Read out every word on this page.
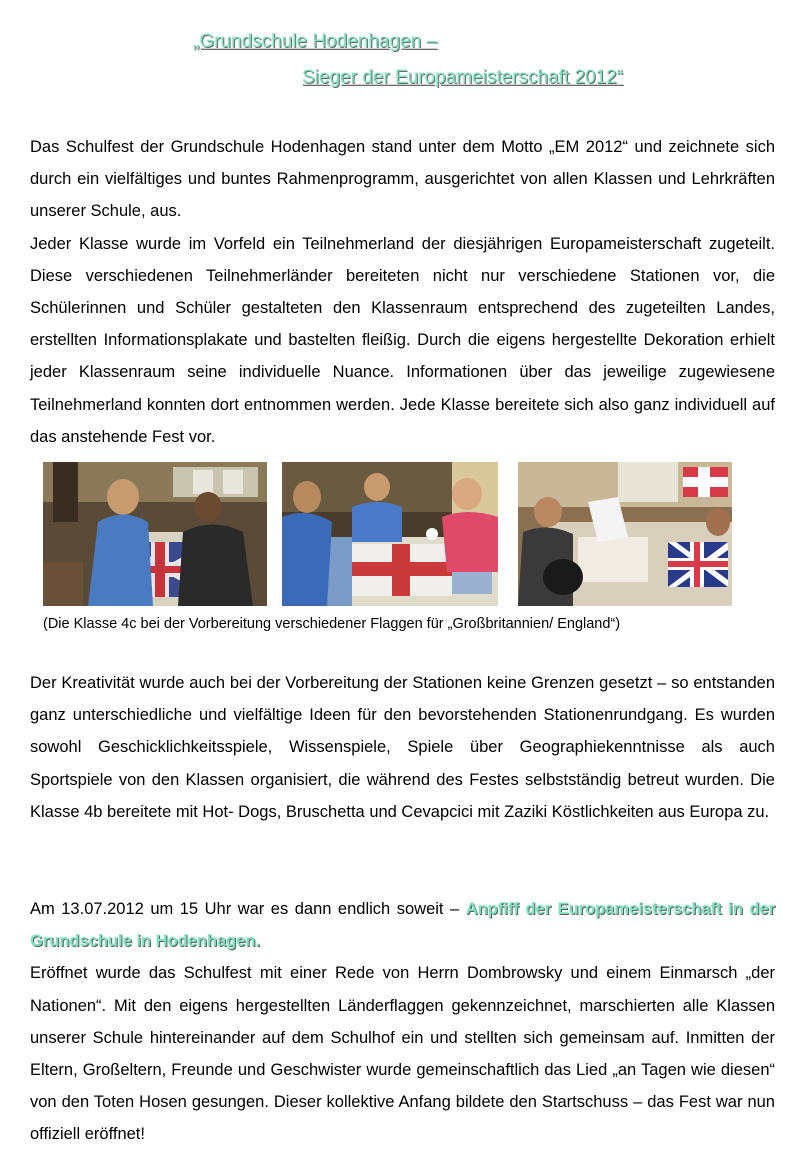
„Grundschule Hodenhagen –
Sieger der Europameisterschaft 2012“
Das Schulfest der Grundschule Hodenhagen stand unter dem Motto „EM 2012“ und zeichnete sich durch ein vielfältiges und buntes Rahmenprogramm, ausgerichtet von allen Klassen und Lehrkräften unserer Schule, aus.
Jeder Klasse wurde im Vorfeld ein Teilnehmerland der diesjährigen Europameisterschaft zugeteilt. Diese verschiedenen Teilnehmerländer bereiteten nicht nur verschiedene Stationen vor, die Schülerinnen und Schüler gestalteten den Klassenraum entsprechend des zugeteilten Landes, erstellten Informationsplakate und bastelten fleißig. Durch die eigens hergestellte Dekoration erhielt jeder Klassenraum seine individuelle Nuance. Informationen über das jeweilige zugewiesene Teilnehmerland konnten dort entnommen werden. Jede Klasse bereitete sich also ganz individuell auf das anstehende Fest vor.
(Die Klasse 4c bei der Vorbereitung verschiedener Flaggen für „Großbritannien/ England“)
Der Kreativität wurde auch bei der Vorbereitung der Stationen keine Grenzen gesetzt – so entstanden ganz unterschiedliche und vielfältige Ideen für den bevorstehenden Stationenrundgang. Es wurden sowohl Geschicklichkeitsspiele, Wissenspiele, Spiele über Geographiekenntnisse als auch Sportspiele von den Klassen organisiert, die während des Festes selbstständig betreut wurden. Die Klasse 4b bereitete mit Hot- Dogs, Bruschetta und Cevapcici mit Zaziki Köstlichkeiten aus Europa zu.
Am 13.07.2012 um 15 Uhr war es dann endlich soweit – Anpfiff der Europameisterschaft in der Grundschule in Hodenhagen.
Eröffnet wurde das Schulfest mit einer Rede von Herrn Dombrowsky und einem Einmarsch „der Nationen“. Mit den eigens hergestellten Länderflaggen gekennzeichnet, marschierten alle Klassen unserer Schule hintereinander auf dem Schulhof ein und stellten sich gemeinsam auf. Inmitten der Eltern, Großeltern, Freunde und Geschwister wurde gemeinschaftlich das Lied „an Tagen wie diesen“ von den Toten Hosen gesungen. Dieser kollektive Anfang bildete den Startschuss – das Fest war nun offiziell eröffnet!
